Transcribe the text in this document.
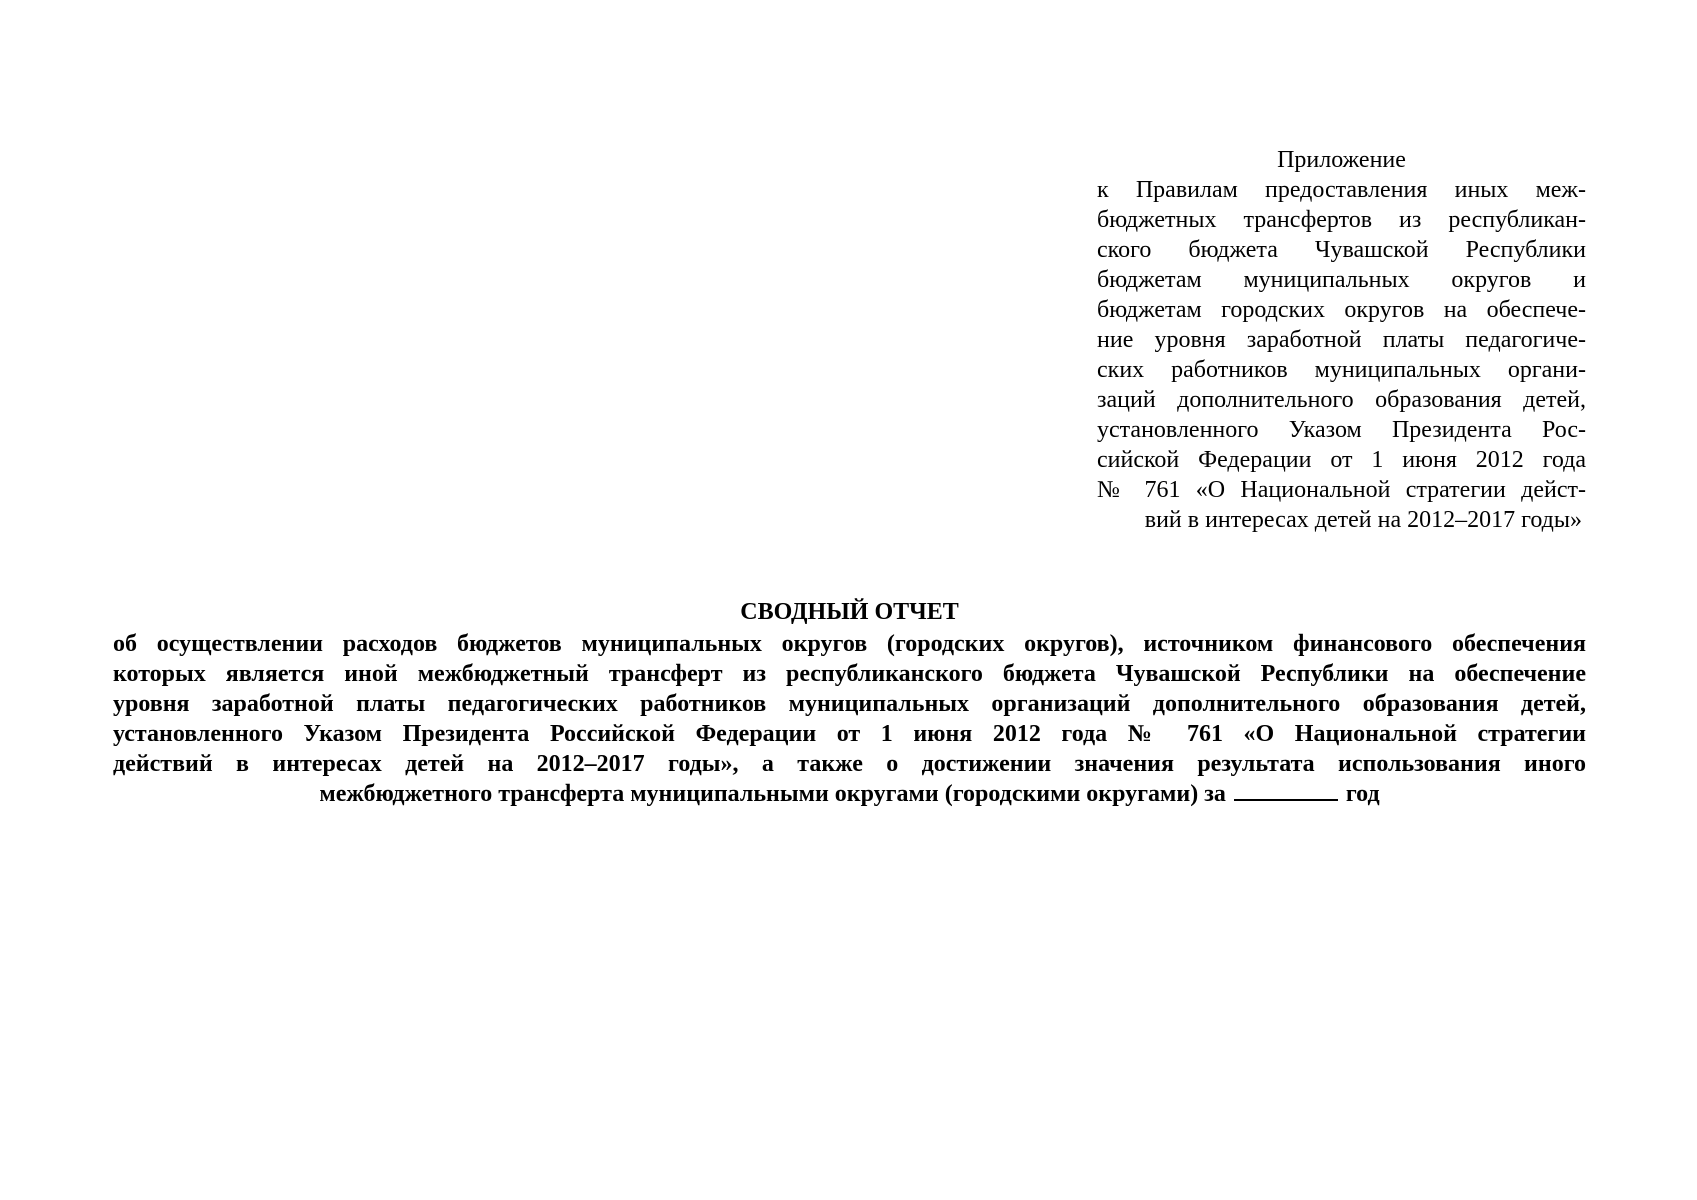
Приложение

к Правилам предоставления иных меж-
бюджетных трансфертов из республикан-
ского бюджета Чувашской Республики
бюджетам муниципальных округов и
бюджетам городских округов на обеспече-
ние уровня заработной платы педагогиче-
ских работников муниципальных органи-
заций дополнительного образования детей,
установленного Указом Президента Рос-
сийской Федерации от 1 июня 2012 года
№ 761 «О Национальной стратегии дейст-
вий в интересах детей на 2012–2017 годы»

СВОДНЫЙ ОТЧЕТ

об осуществлении расходов бюджетов муниципальных округов (городских округов), источником финансового обеспечения
которых является иной межбюджетный трансферт из республиканского бюджета Чувашской Республики на обеспечение
уровня заработной платы педагогических работников муниципальных организаций дополнительного образования детей,
установленного Указом Президента Российской Федерации от 1 июня 2012 года № 761 «О Национальной стратегии
действий в интересах детей на 2012–2017 годы», а также о достижении значения результата использования иного
межбюджетного трансферта муниципальными округами (городскими округами) за	год
